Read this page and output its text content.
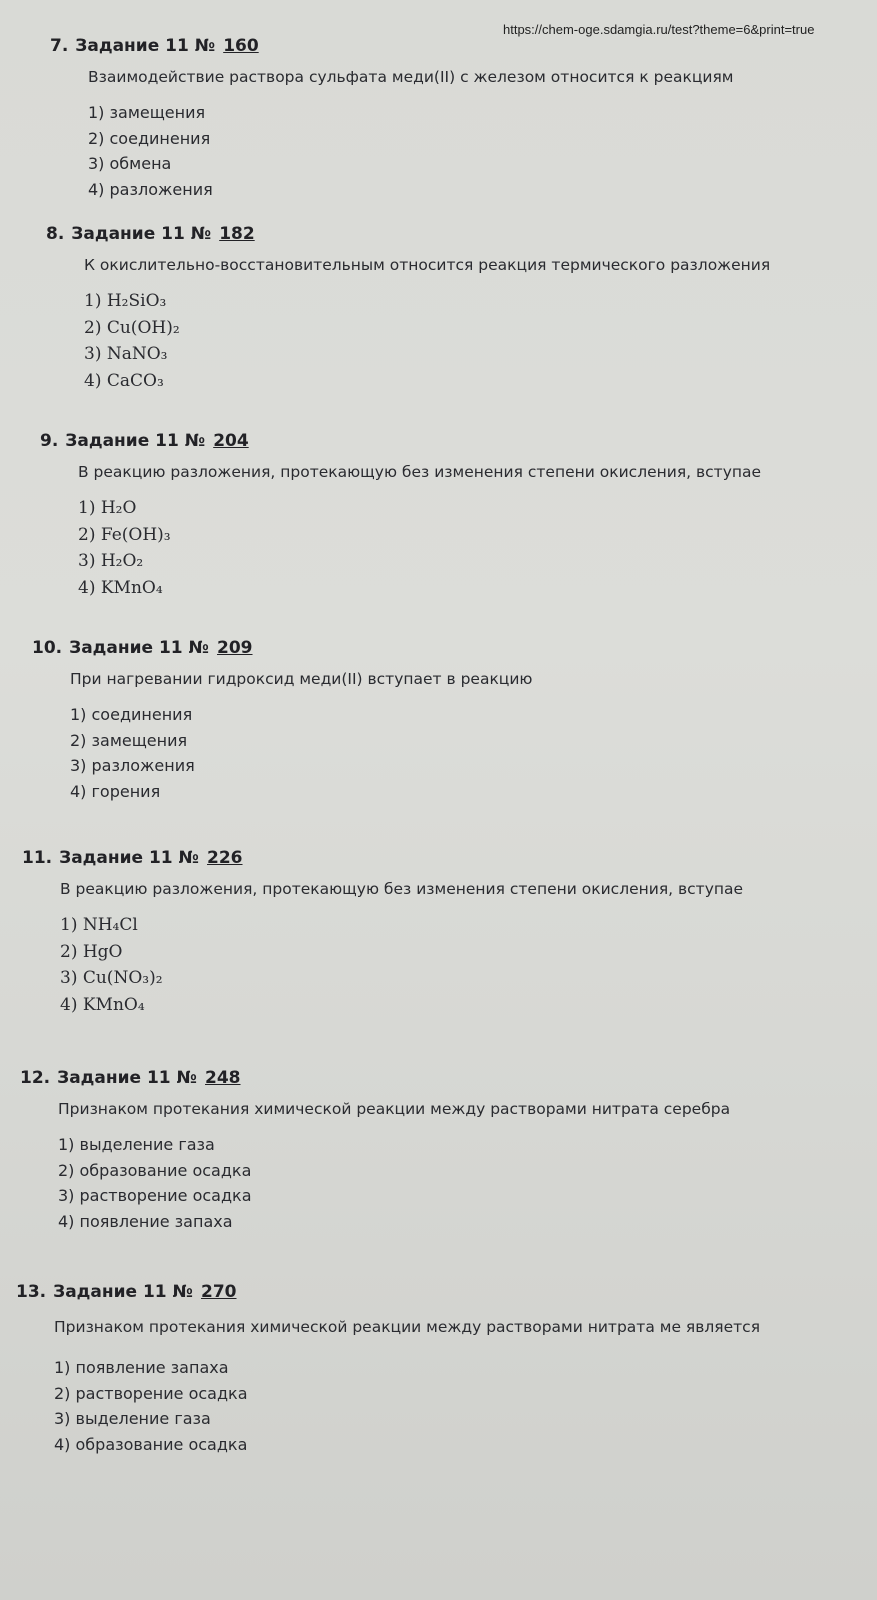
https://chem-oge.sdamgia.ru/test?theme=6&print=true
7. Задание 11 № 160
Взаимодействие раствора сульфата меди(II) с железом относится к реакциям
1) замещения
2) соединения
3) обмена
4) разложения
8. Задание 11 № 182
К окислительно-восстановительным относится реакция термического разложения
1) H₂SiO₃
2) Cu(OH)₂
3) NaNO₃
4) CaCO₃
9. Задание 11 № 204
В реакцию разложения, протекающую без изменения степени окисления, вступае
1) H₂O
2) Fe(OH)₃
3) H₂O₂
4) KMnO₄
10. Задание 11 № 209
При нагревании гидроксид меди(II) вступает в реакцию
1) соединения
2) замещения
3) разложения
4) горения
11. Задание 11 № 226
В реакцию разложения, протекающую без изменения степени окисления, вступае
1) NH₄Cl
2) HgO
3) Cu(NO₃)₂
4) KMnO₄
12. Задание 11 № 248
Признаком протекания химической реакции между растворами нитрата серебра
1) выделение газа
2) образование осадка
3) растворение осадка
4) появление запаха
13. Задание 11 № 270
Признаком протекания химической реакции между растворами нитрата ме является
1) появление запаха
2) растворение осадка
3) выделение газа
4) образование осадка
